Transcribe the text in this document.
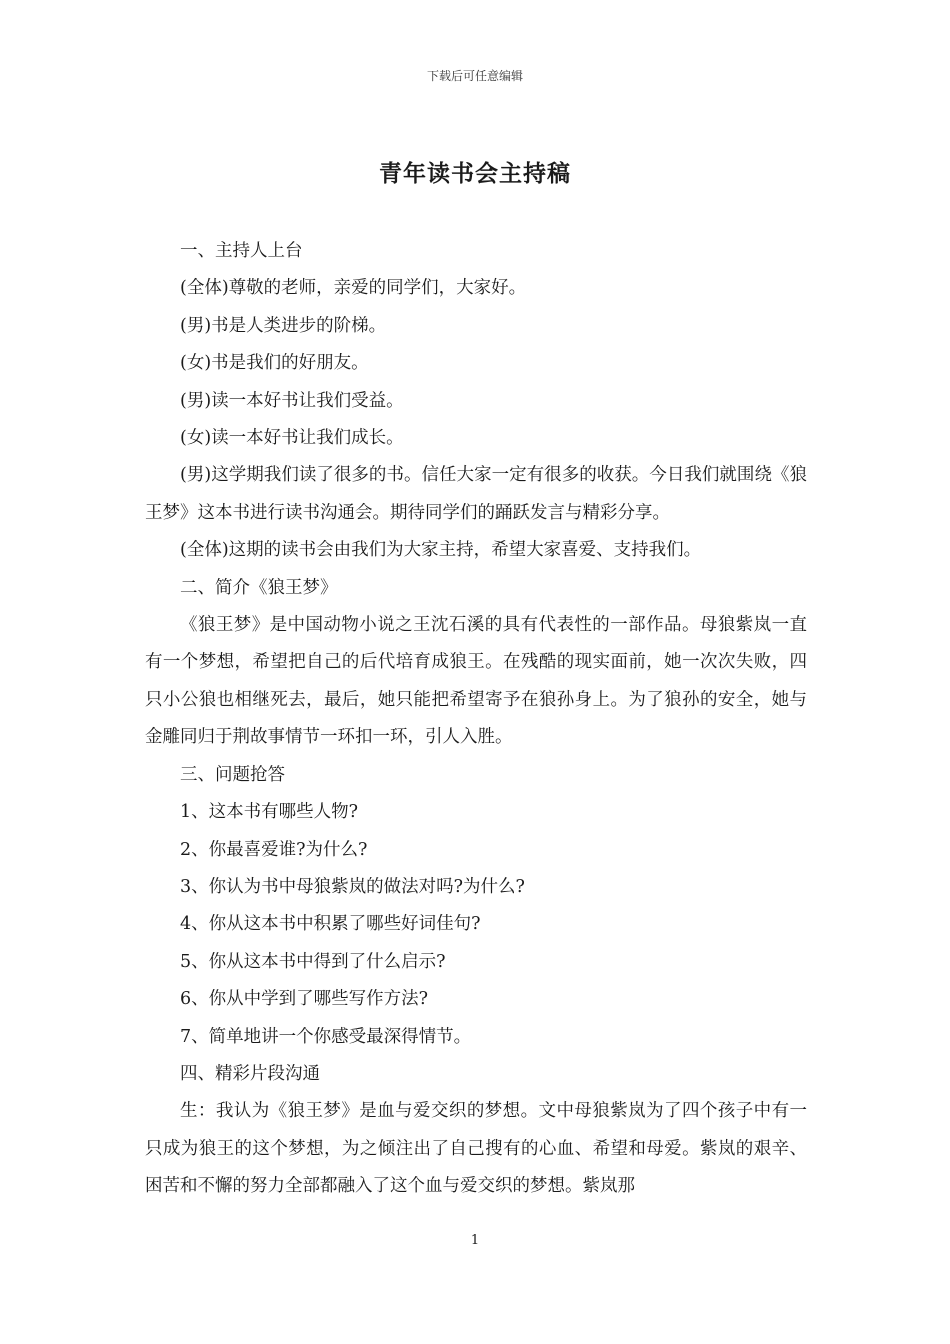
下载后可任意编辑
青年读书会主持稿

一、主持人上台

(全体)尊敬的老师，亲爱的同学们，大家好。

(男)书是人类进步的阶梯。

(女)书是我们的好朋友。

(男)读一本好书让我们受益。

(女)读一本好书让我们成长。

(男)这学期我们读了很多的书。信任大家一定有很多的收获。今日我们就围绕《狼王梦》这本书进行读书沟通会。期待同学们的踊跃发言与精彩分享。

(全体)这期的读书会由我们为大家主持，希望大家喜爱、支持我们。

二、简介《狼王梦》

《狼王梦》是中国动物小说之王沈石溪的具有代表性的一部作品。母狼紫岚一直有一个梦想，希望把自己的后代培育成狼王。在残酷的现实面前，她一次次失败，四只小公狼也相继死去，最后，她只能把希望寄予在狼孙身上。为了狼孙的安全，她与金雕同归于荆故事情节一环扣一环，引人入胜。

三、问题抢答

1、这本书有哪些人物?

2、你最喜爱谁?为什么?

3、你认为书中母狼紫岚的做法对吗?为什么?

4、你从这本书中积累了哪些好词佳句?

5、你从这本书中得到了什么启示?

6、你从中学到了哪些写作方法?

7、简单地讲一个你感受最深得情节。

四、精彩片段沟通

生：我认为《狼王梦》是血与爱交织的梦想。文中母狼紫岚为了四个孩子中有一只成为狼王的这个梦想，为之倾注出了自己搜有的心血、希望和母爱。紫岚的艰辛、困苦和不懈的努力全部都融入了这个血与爱交织的梦想。紫岚那

1
